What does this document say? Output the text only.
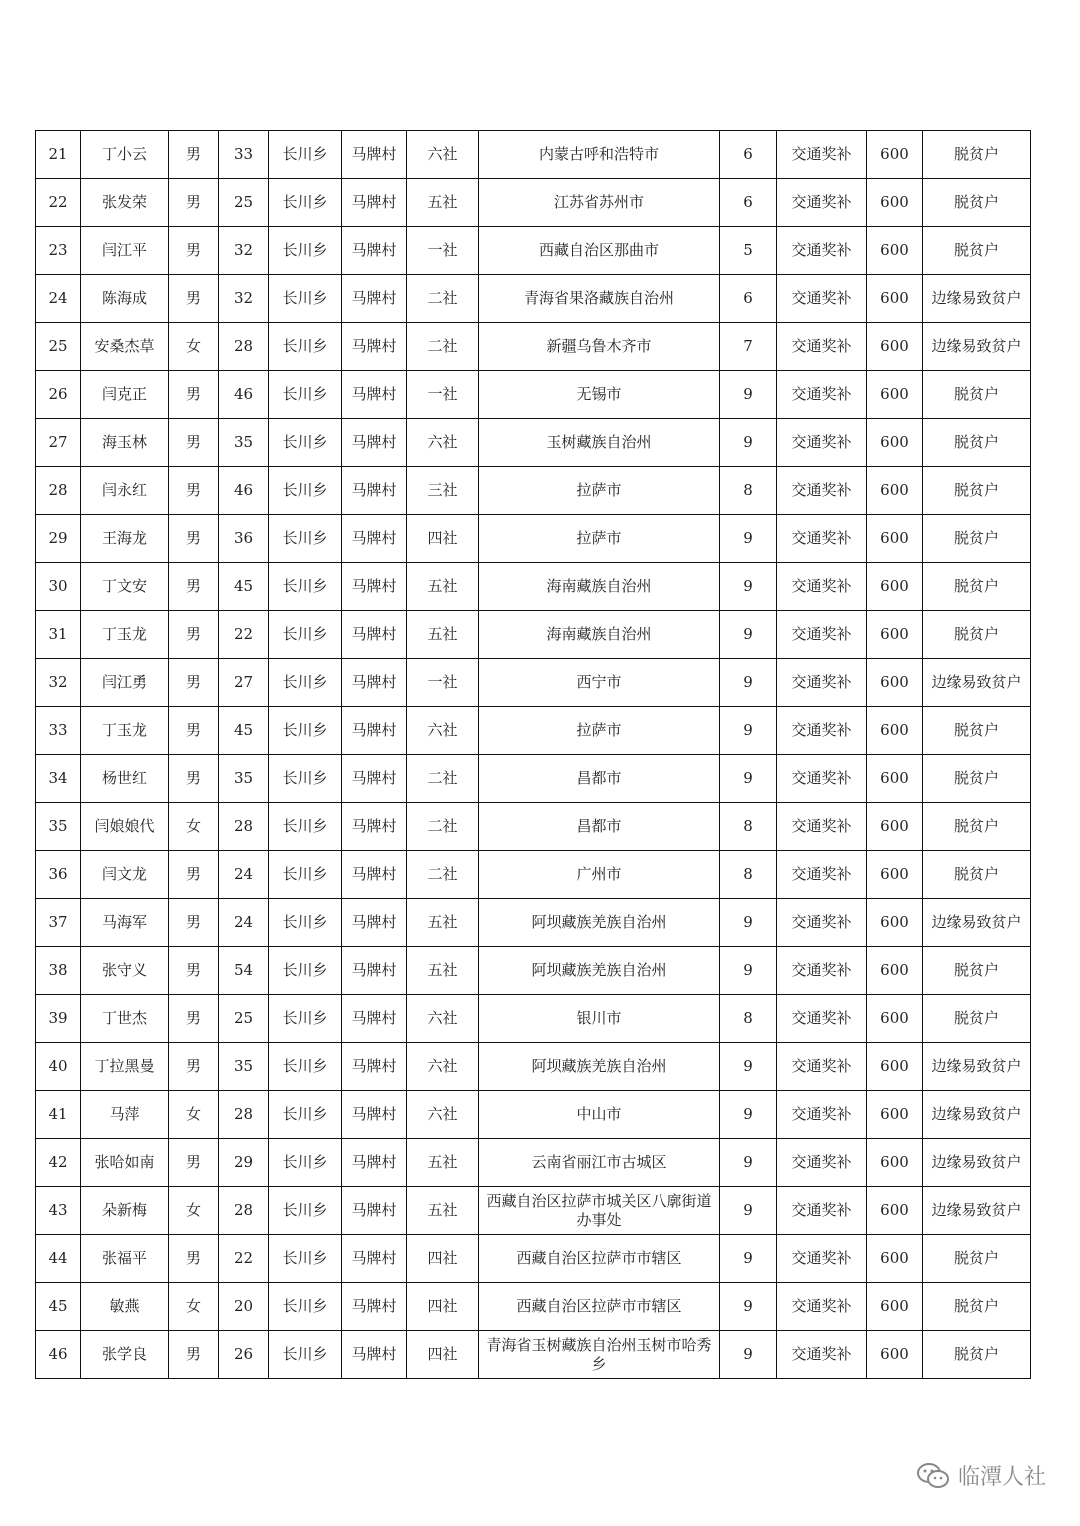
21	丁小云	男	33	长川乡	马牌村	六社	内蒙古呼和浩特市	6	交通奖补	600	脱贫户
22	张发荣	男	25	长川乡	马牌村	五社	江苏省苏州市	6	交通奖补	600	脱贫户
23	闫江平	男	32	长川乡	马牌村	一社	西藏自治区那曲市	5	交通奖补	600	脱贫户
24	陈海成	男	32	长川乡	马牌村	二社	青海省果洛藏族自治州	6	交通奖补	600	边缘易致贫户
25	安桑杰草	女	28	长川乡	马牌村	二社	新疆乌鲁木齐市	7	交通奖补	600	边缘易致贫户
26	闫克正	男	46	长川乡	马牌村	一社	无锡市	9	交通奖补	600	脱贫户
27	海玉林	男	35	长川乡	马牌村	六社	玉树藏族自治州	9	交通奖补	600	脱贫户
28	闫永红	男	46	长川乡	马牌村	三社	拉萨市	8	交通奖补	600	脱贫户
29	王海龙	男	36	长川乡	马牌村	四社	拉萨市	9	交通奖补	600	脱贫户
30	丁文安	男	45	长川乡	马牌村	五社	海南藏族自治州	9	交通奖补	600	脱贫户
31	丁玉龙	男	22	长川乡	马牌村	五社	海南藏族自治州	9	交通奖补	600	脱贫户
32	闫江勇	男	27	长川乡	马牌村	一社	西宁市	9	交通奖补	600	边缘易致贫户
33	丁玉龙	男	45	长川乡	马牌村	六社	拉萨市	9	交通奖补	600	脱贫户
34	杨世红	男	35	长川乡	马牌村	二社	昌都市	9	交通奖补	600	脱贫户
35	闫娘娘代	女	28	长川乡	马牌村	二社	昌都市	8	交通奖补	600	脱贫户
36	闫文龙	男	24	长川乡	马牌村	二社	广州市	8	交通奖补	600	脱贫户
37	马海军	男	24	长川乡	马牌村	五社	阿坝藏族羌族自治州	9	交通奖补	600	边缘易致贫户
38	张守义	男	54	长川乡	马牌村	五社	阿坝藏族羌族自治州	9	交通奖补	600	脱贫户
39	丁世杰	男	25	长川乡	马牌村	六社	银川市	8	交通奖补	600	脱贫户
40	丁拉黑曼	男	35	长川乡	马牌村	六社	阿坝藏族羌族自治州	9	交通奖补	600	边缘易致贫户
41	马萍	女	28	长川乡	马牌村	六社	中山市	9	交通奖补	600	边缘易致贫户
42	张哈如南	男	29	长川乡	马牌村	五社	云南省丽江市古城区	9	交通奖补	600	边缘易致贫户
43	朵新梅	女	28	长川乡	马牌村	五社	西藏自治区拉萨市城关区八廓街道办事处	9	交通奖补	600	边缘易致贫户
44	张福平	男	22	长川乡	马牌村	四社	西藏自治区拉萨市市辖区	9	交通奖补	600	脱贫户
45	敏燕	女	20	长川乡	马牌村	四社	西藏自治区拉萨市市辖区	9	交通奖补	600	脱贫户
46	张学良	男	26	长川乡	马牌村	四社	青海省玉树藏族自治州玉树市哈秀乡	9	交通奖补	600	脱贫户
临潭人社
